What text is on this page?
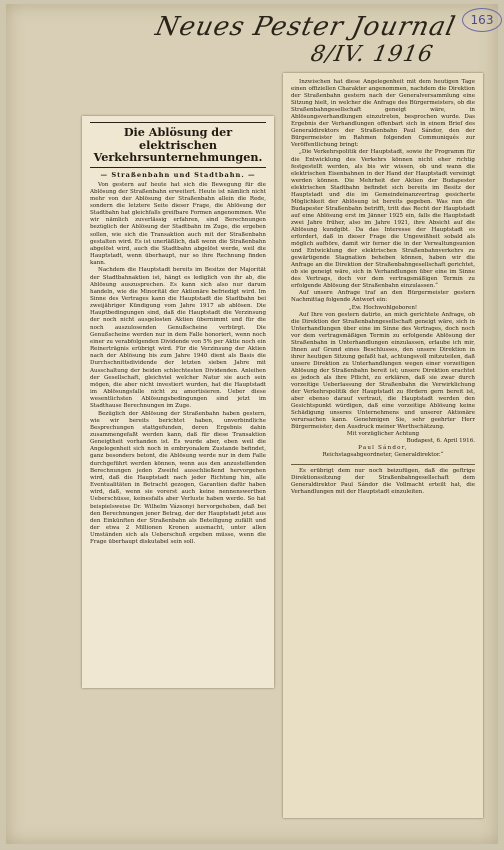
Neues Pester Journal
8/IV. 1916
163
Die Ablösung der elektrischen Verkehrsunternehmungen.
— Straßenbahn und Stadtbahn. —

Von gestern auf heute hat sich die Bewegung für die Ablösung der Straßenbahn erweitert. Heute ist nämlich nicht mehr von der Ablösung der Straßenbahn allein die Rede, sondern die letztere Seite dieser Frage, die Ablösung der Stadtbahn hat gleichfalls greifbare Formen angenommen. Wie wir nämlich zuverlässig erfahren, sind Berechnungen bezüglich der Ablösung der Stadtbahn im Zuge, die ergeben sollen, wie sich die Transaktion auch mit der Straßenbahn gestalten wird. Es ist unerläßlich, daß wenn die Straßenbahn abgelöst wird, auch die Stadtbahn abgelöst werde, weil die Hauptstadt, wenn überhaupt, nur so ihre Rechnung finden kann.

Nachdem die Hauptstadt bereits im Besitze der Majorität der Stadtbahnaktien ist, hängt es lediglich von ihr ab, die Ablösung auszusprechen. Es kann sich also nur darum handeln, wie die Minorität der Aktionäre befriedigt wird. Im Sinne des Vertrages kann die Hauptstadt die Stadtbahn bei zweijähriger Kündigung vom Jahre 1917 ab ablösen. Die Hauptbedingungen sind, daß die Hauptstadt die Verzinsung der noch nicht ausgelosten Aktien übernimmt und für die noch auszulosenden Genußscheine verbürgt. Die Genußscheine werden nur in dem Falle honoriert, wenn noch einer zu verabfolgenden Dividende von 5% per Aktie noch ein Reinerträgnis erübrigt wird. Für die Verzinsung der Aktien nach der Ablösung bis zum Jahre 1940 dient als Basis die Durchschnittsdividende der letzten sieben Jahre mit Ausschaltung der beiden schlechtesten Dividenden. Anleihen der Gesellschaft, gleichviel welcher Natur sie auch sein mögen, die aber nicht investiert wurden, hat die Hauptstadt im Ablösungsfalle nicht zu amortisieren. Ueber diese wesentlichsten Ablösungsbedingungen sind jetzt im Stadthause Berechnungen im Zuge.

Bezüglich der Ablösung der Straßenbahn haben gestern, wie wir bereits berichtet haben, unverbindliche Besprechungen stattgefunden, deren Ergebnis dahin zusammengefaßt werden kann, daß für diese Transaktion Geneigtheit vorhanden ist. Es wurde aber, eben weil die Angelegenheit sich noch in embryonalem Zustande befindet, ganz besonders betont, die Ablösung werde nur in dem Falle durchgeführt werden können, wenn aus den anzustellenden Berechnungen jeden Zweifel ausschließend hervorgehen wird, daß die Hauptstadt nach jeder Richtung hin, alle Eventualitäten in Betracht gezogen, Garantien dafür haben wird, daß, wenn sie vorerst auch keine nennenswerthen Ueberschüsse, keinesfalls aber Verluste haben werde. So hat beispielsweise Dr. Wilhelm Vázsonyi hervorgehoben, daß bei den Berechnungen jener Betrag, der der Hauptstadt jetzt aus den Einkünften der Straßenbahn als Beteiligung zufällt und der etwa 2 Millionen Kronen ausmacht, unter allen Umständen sich als Ueberschuß ergeben müsse, wenn die Frage überhaupt diskutabel sein soll.

Inzwischen hat diese Angelegenheit mit dem heutigen Tage einen offiziellen Charakter angenommen, nachdem die Direktion der Straßenbahn gestern nach der Generalversammlung eine Sitzung hielt, in welcher die Anfrage des Bürgermeisters, ob die Straßenbahngesellschaft geneigt wäre, in Ablösungsverhandlungen einzutreten, besprochen wurde. Das Ergebnis der Verhandlungen offenbart sich in einem Brief des Generaldirektors der Straßenbahn Paul Sándor, den der Bürgermeister im Rahmen folgenden Communiqués zur Veröffentlichung bringt:

„Die Verkehrspolitik der Hauptstadt, sowie ihr Programm für die Entwicklung des Verkehrs können nicht eher richtig festgestellt werden, als bis wir wissen, ob und wann die elektrischen Eisenbahnen in der Hand der Hauptstadt vereinigt werden können. Die Mehrheit der Aktien der Budapester elektrischen Stadtbahn befindet sich bereits im Besitz der Hauptstadt und die im Gemeindeinanzvertrag gesicherte Möglichkeit der Ablösung ist bereits gegeben. Was nun die Budapester Straßenbahn betrifft, tritt das Recht der Hauptstadt auf eine Ablösung erst im Jänner 1925 ein, falls die Hauptstadt zwei Jahre früher, also im Jahre 1921, ihre Absicht auf die Ablösung kundgibt. Da das Interesse der Hauptstadt es erfordert, daß in dieser Frage die Ungewißheit sobald als möglich aufhöre, damit wir ferner die in der Verwaltungsunion und Entwicklung der elektrischen Straßenbahnverkehrs zu gewärtigende Stagnation beheben können, haben wir die Anfrage an die Direktion der Straßenbahngesellschaft gerichtet, ob sie geneigt wäre, sich in Verhandlungen über eine im Sinne des Vertrags, doch vor dem vertragsmäßigen Termin zu erfolgende Ablösung der Straßenbahn einzulassen.“

Auf unsere Anfrage traf an den Bürgermeister gestern Nachmittag folgende Antwort ein:

„Ew. Hochwohlgeboren!

Auf Ihre von gestern datirte, an mich gerichtete Anfrage, ob die Direktion der Straßenbahngesellschaft geneigt wäre, sich in Unterhandlungen über eine im Sinne des Vertrages, doch noch vor dem vertragsmäßigen Termin zu erfolgende Ablösung der Straßenbahn in Unterhandlungen einzulassen, erlaube ich mir, Ihnen auf Grund eines Beschlusses, den unsere Direktion in ihrer heutigen Sitzung gefaßt hat, achtungsvoll mitzuteilen, daß unsere Direktion zu Unterhandlungen wegen einer vorzeitigen Ablösung der Straßenbahn bereit ist; unsere Direktion erachtet es jedoch als ihre Pflicht, zu erklären, daß sie zwar durch vorzeitige Ueberlassung der Straßenbahn die Verwirklichung der Verkehrspolitik der Hauptstadt zu fördern gern bereit ist, aber ebenso darauf vertraut, die Hauptstadt werden den Gesichtspunkt würdigen, daß eine vorzeitige Ablösung keine Schädigung unseres Unternehmens und unserer Aktionäre verursachen kann. Genehmigen Sie, sehr geehrter Herr Bürgermeister, den Ausdruck meiner Werthschätzung.

Mit vorzüglicher Achtung

Budapest, 6. April 1916.

Paul Sándor,

Reichstagsabgeordneter, Generaldirektor.“

Es erübrigt dem nur noch beizufügen, daß die geftrige Direktionssitzung der Straßenbahngesellschaft dem Generaldirektor Paul Sándor die Vollmacht erteilt hat, die Verhandlungen mit der Hauptstadt einzuleiten.
